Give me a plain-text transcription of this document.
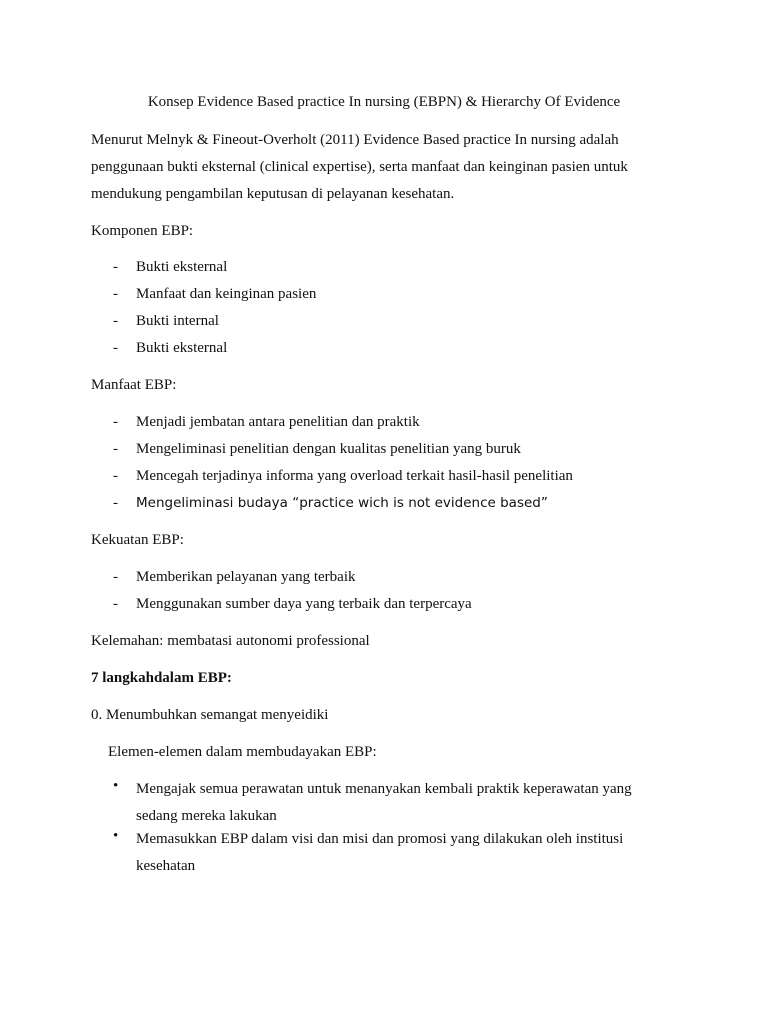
Konsep Evidence Based practice In nursing (EBPN) & Hierarchy Of Evidence
Menurut Melnyk & Fineout-Overholt (2011) Evidence Based practice In nursing adalah
penggunaan bukti eksternal (clinical expertise), serta manfaat dan keinginan pasien untuk
mendukung pengambilan keputusan di pelayanan kesehatan.
Komponen EBP:
- Bukti eksternal
- Manfaat dan keinginan pasien
- Bukti internal
- Bukti eksternal
Manfaat EBP:
- Menjadi jembatan antara penelitian dan praktik
- Mengeliminasi penelitian dengan kualitas penelitian yang buruk
- Mencegah terjadinya informa yang overload terkait hasil-hasil penelitian
- Mengeliminasi budaya “practice wich is not evidence based”
Kekuatan EBP:
- Memberikan pelayanan yang terbaik
- Menggunakan sumber daya yang terbaik dan terpercaya
Kelemahan: membatasi autonomi professional
7 langkahdalam EBP:
0. Menumbuhkan semangat menyeidiki
Elemen-elemen dalam membudayakan EBP:
• Mengajak semua perawatan untuk menanyakan kembali praktik keperawatan yang sedang mereka lakukan
• Memasukkan EBP dalam visi dan misi dan promosi yang dilakukan oleh institusi kesehatan
